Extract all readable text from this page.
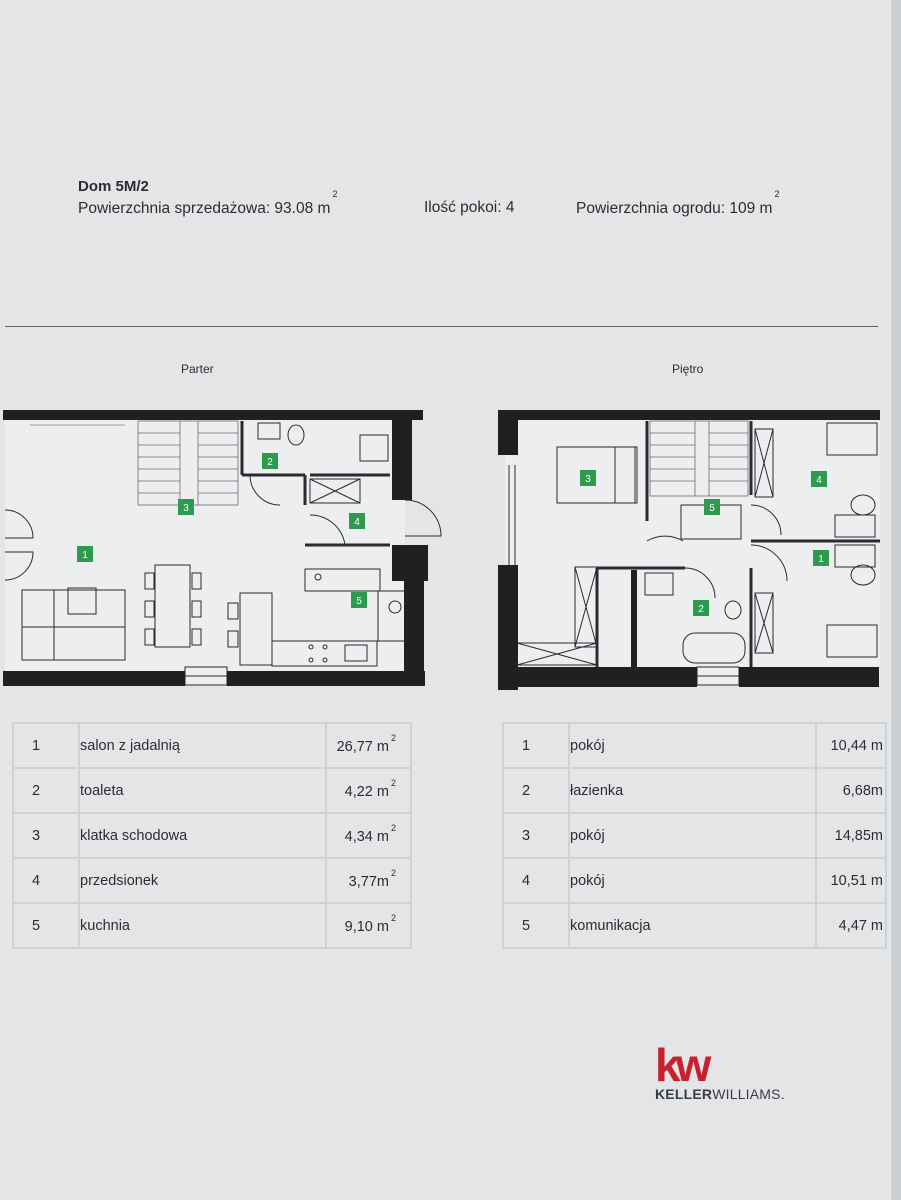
Dom 5M/2
Powierzchnia sprzedażowa: 93.08 $m^2$
Ilość pokoi: 4	Powierzchnia ogrodu: 109 $m^2$
Parter	Piętro
1
2
3
4
5
1
2
3	4
5
1	salon z jadalnią	26,77 $m^2$
2	toaleta	4,22 $m^2$
3	klatka schodowa	4,34 $m^2$
4	przedsionek	$3,77m^2$
5	kuchnia	9,10 $m^2$
1	pokój	10,44 m
2	łazienka	6,68m
3	pokój	14,85m
4	pokój	10,51 m
5	komunikacja	4,47 m
kw
KELLERWILLIAMS.
